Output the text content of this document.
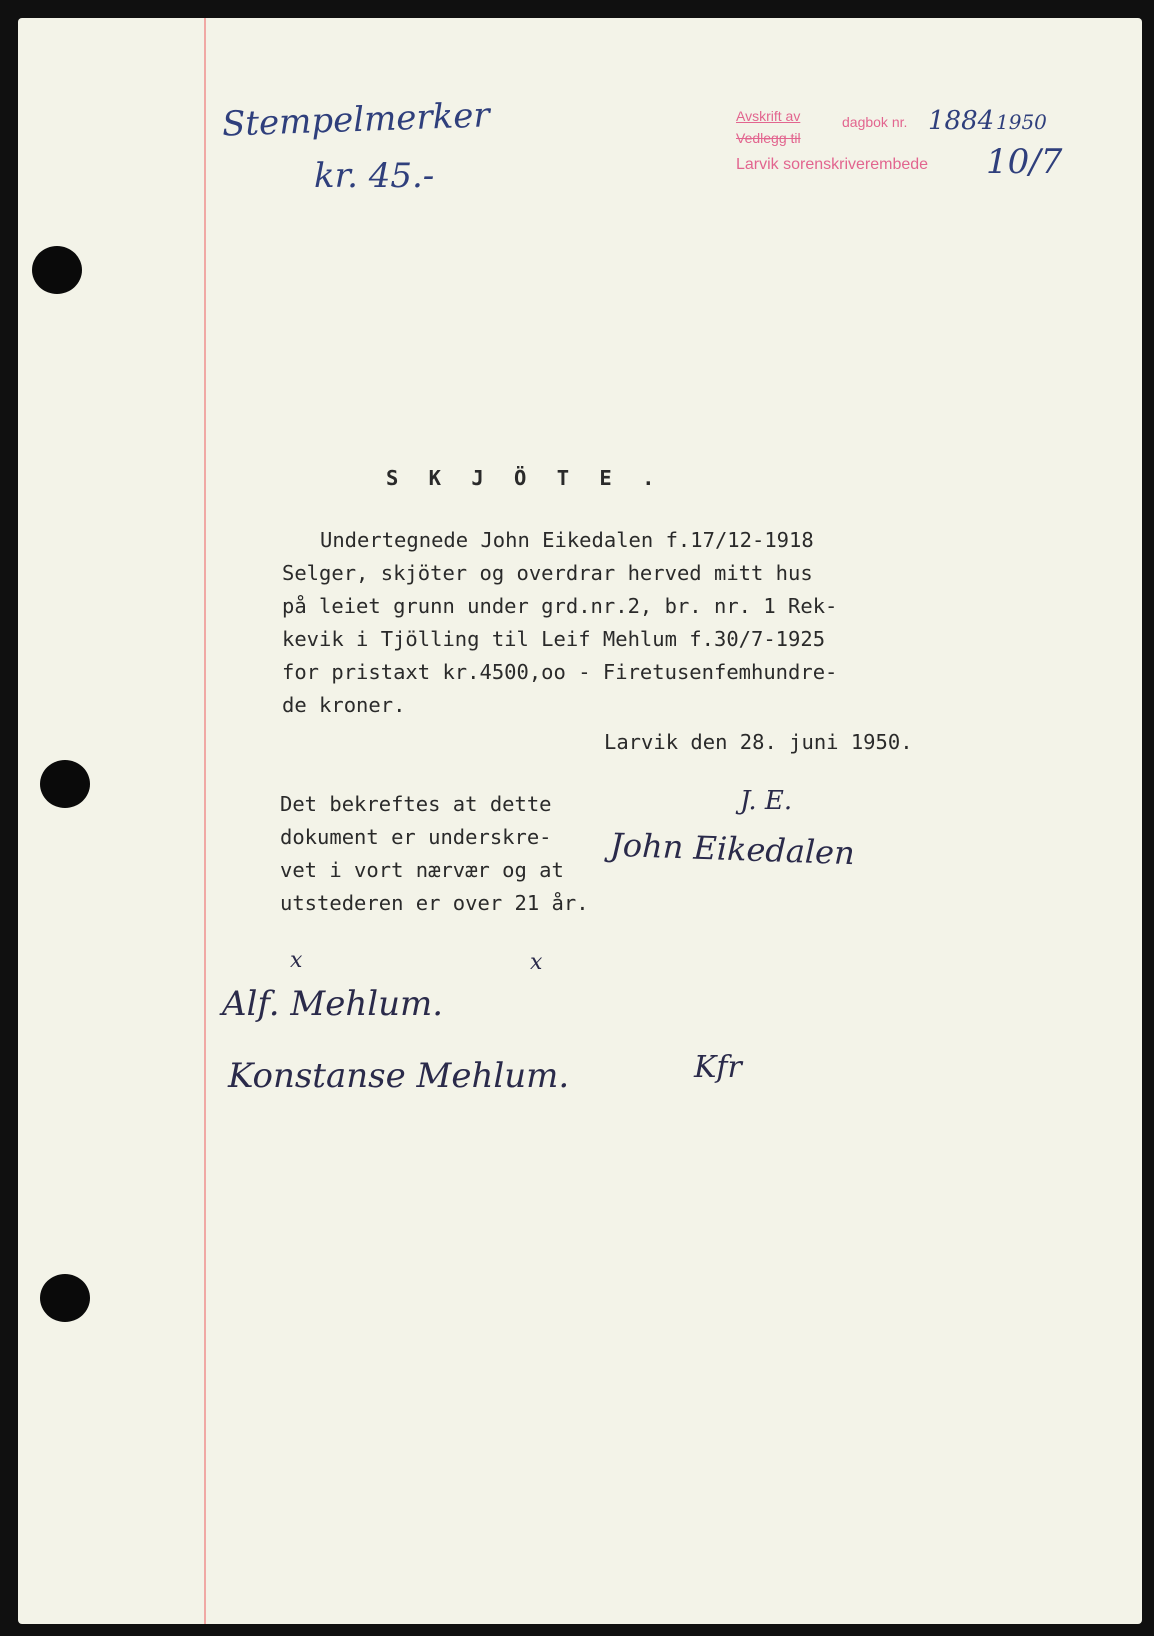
Stempelmerker
kr. 45.-
Avskrift av	dagbok nr. 1884 1950
Vedlegg til
Larvik sorenskriverembede 10/7
S K J Ö T E .
Undertegnede John Eikedalen f.17/12-1918
Selger, skjöter og overdrar herved mitt hus
på leiet grunn under grd.nr.2, br. nr. 1 Rek-
kevik i Tjölling til Leif Mehlum f.30/7-1925
for pristaxt kr.4500,oo - Firetusenfemhundre-
de kroner.
Larvik den 28. juni 1950.
Det bekreftes at dette
dokument er underskre-
vet i vort nærvær og at
utstederen er over 21 år.
J. E.
John Eikedalen
x	x
Alf. Mehlum.
Konstanse Mehlum.	Kfr
